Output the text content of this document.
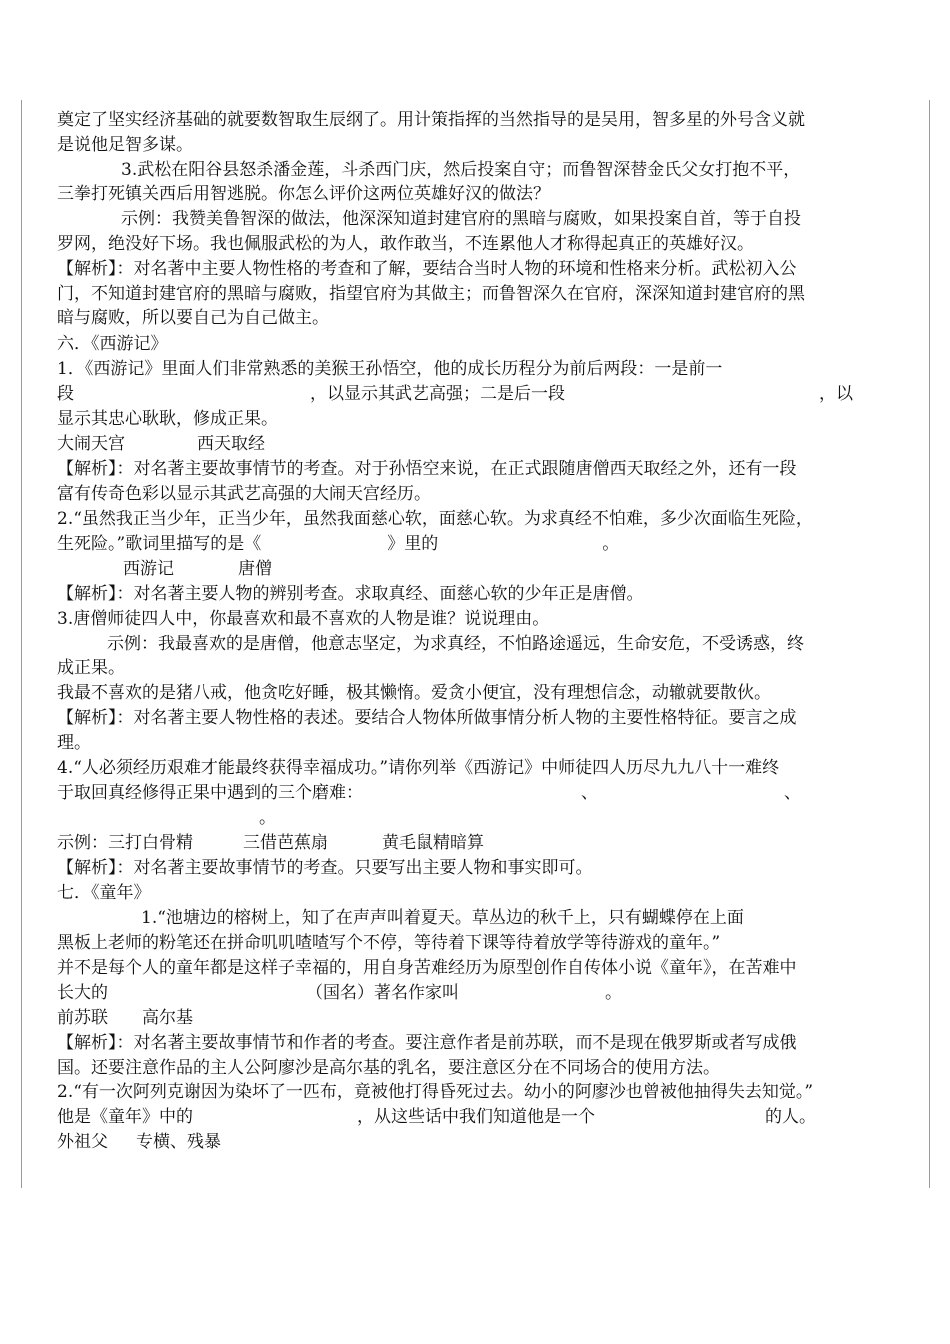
奠定了坚实经济基础的就要数智取生辰纲了。用计策指挥的当然指导的是吴用，智多星的外号含义就
是说他足智多谋。
3.武松在阳谷县怒杀潘金莲，斗杀西门庆，然后投案自守；而鲁智深替金氏父女打抱不平，
三拳打死镇关西后用智逃脱。你怎么评价这两位英雄好汉的做法？
示例：我赞美鲁智深的做法，他深深知道封建官府的黑暗与腐败，如果投案自首，等于自投
罗网，绝没好下场。我也佩服武松的为人，敢作敢当，不连累他人才称得起真正的英雄好汉。
【解析】：对名著中主要人物性格的考查和了解，要结合当时人物的环境和性格来分析。武松初入公
门，不知道封建官府的黑暗与腐败，指望官府为其做主；而鲁智深久在官府，深深知道封建官府的黑
暗与腐败，所以要自己为自己做主。
六．《西游记》
1．《西游记》里面人们非常熟悉的美猴王孙悟空，他的成长历程分为前后两段：一是前一
段	，以显示其武艺高强；二是后一段	，以
显示其忠心耿耿，修成正果。
大闹天宫	西天取经
【解析】：对名著主要故事情节的考查。对于孙悟空来说，在正式跟随唐僧西天取经之外，还有一段
富有传奇色彩以显示其武艺高强的大闹天宫经历。
2.“虽然我正当少年，正当少年，虽然我面慈心软，面慈心软。为求真经不怕难，多少次面临生死险，
生死险。”歌词里描写的是《	》里的	。
西游记	唐僧
【解析】：对名著主要人物的辨别考查。求取真经、面慈心软的少年正是唐僧。
3.唐僧师徒四人中，你最喜欢和最不喜欢的人物是谁？说说理由。
示例：我最喜欢的是唐僧，他意志坚定，为求真经，不怕路途遥远，生命安危，不受诱惑，终
成正果。
我最不喜欢的是猪八戒，他贪吃好睡，极其懒惰。爱贪小便宜，没有理想信念，动辙就要散伙。
【解析】：对名著主要人物性格的表述。要结合人物体所做事情分析人物的主要性格特征。要言之成
理。
4.“人必须经历艰难才能最终获得幸福成功。”请你列举《西游记》中师徒四人历尽九九八十一难终
于取回真经修得正果中遇到的三个磨难：	、	、
。
示例：三打白骨精	三借芭蕉扇	黄毛鼠精暗算
【解析】：对名著主要故事情节的考查。只要写出主要人物和事实即可。
七．《童年》
1.“池塘边的榕树上，知了在声声叫着夏天。草丛边的秋千上，只有蝴蝶停在上面
黑板上老师的粉笔还在拼命叽叽喳喳写个不停，等待着下课等待着放学等待游戏的童年。”
并不是每个人的童年都是这样子幸福的，用自身苦难经历为原型创作自传体小说《童年》，在苦难中
长大的	（国名）著名作家叫	。
前苏联 高尔基
【解析】：对名著主要故事情节和作者的考查。要注意作者是前苏联，而不是现在俄罗斯或者写成俄
国。还要注意作品的主人公阿廖沙是高尔基的乳名，要注意区分在不同场合的使用方法。
2.“有一次阿列克谢因为染坏了一匹布，竟被他打得昏死过去。幼小的阿廖沙也曾被他抽得失去知觉。”
他是《童年》中的	，从这些话中我们知道他是一个	的人。
外祖父 专横、残暴
